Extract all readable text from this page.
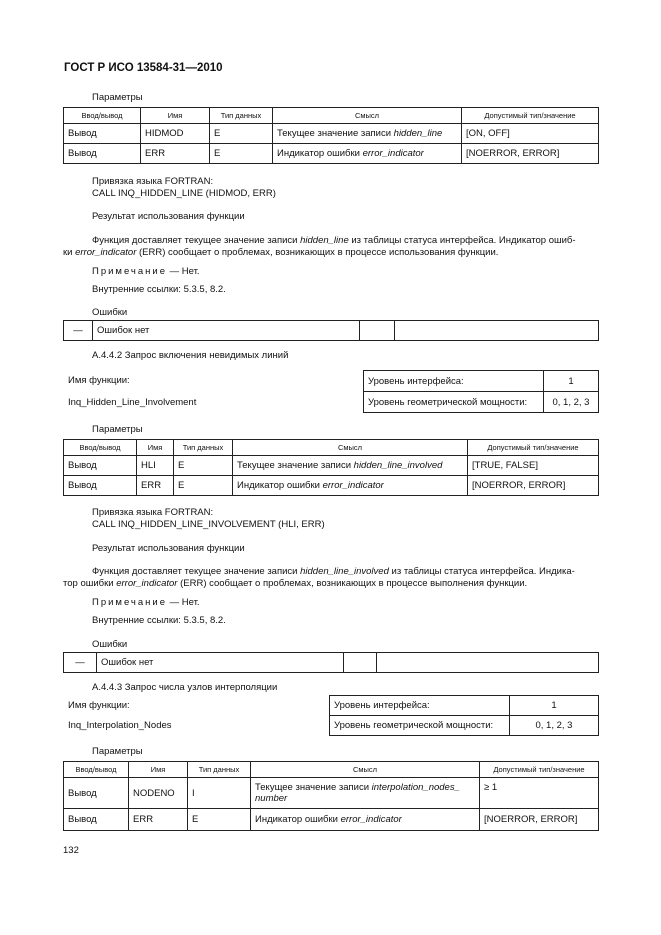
ГОСТ Р ИСО 13584-31—2010
Параметры
Ввод/вывод	Имя	Тип данных	Смысл	Допустимый тип/значение
Вывод	HIDMOD	E	Текущее значение записи hidden_line	[ON, OFF]
Вывод	ERR	E	Индикатор ошибки error_indicator	[NOERROR, ERROR]
Привязка языка FORTRAN:
CALL INQ_HIDDEN_LINE (HIDMOD, ERR)
Результат использования функции
Функция доставляет текущее значение записи hidden_line из таблицы статуса интерфейса. Индикатор ошиб-
ки error_indicator (ERR) сообщает о проблемах, возникающих в процессе использования функции.
Примечание — Нет.
Внутренние ссылки: 5.3.5, 8.2.
Ошибки
—	Ошибок нет		
А.4.4.2 Запрос включения невидимых линий
Имя функции:
Inq_Hidden_Line_Involvement
Уровень интерфейса:	1
Уровень геометрической мощности:	0, 1, 2, 3
Параметры
Ввод/вывод	Имя	Тип данных	Смысл	Допустимый тип/значение
Вывод	HLI	E	Текущее значение записи hidden_line_involved	[TRUE, FALSE]
Вывод	ERR	E	Индикатор ошибки error_indicator	[NOERROR, ERROR]
Привязка языка FORTRAN:
CALL INQ_HIDDEN_LINE_INVOLVEMENT (HLI, ERR)
Результат использования функции
Функция доставляет текущее значение записи hidden_line_involved из таблицы статуса интерфейса. Индика-
тор ошибки error_indicator (ERR) сообщает о проблемах, возникающих в процессе выполнения функции.
Примечание — Нет.
Внутренние ссылки: 5.3.5, 8.2.
Ошибки
—	Ошибок нет		
А.4.4.3 Запрос числа узлов интерполяции
Имя функции:
Inq_Interpolation_Nodes
Уровень интерфейса:	1
Уровень геометрической мощности:	0, 1, 2, 3
Параметры
Ввод/вывод	Имя	Тип данных	Смысл	Допустимый тип/значение
Вывод	NODENO	I	Текущее значение записи interpolation_nodes_
number	≥ 1
Вывод	ERR	E	Индикатор ошибки error_indicator	[NOERROR, ERROR]
132
